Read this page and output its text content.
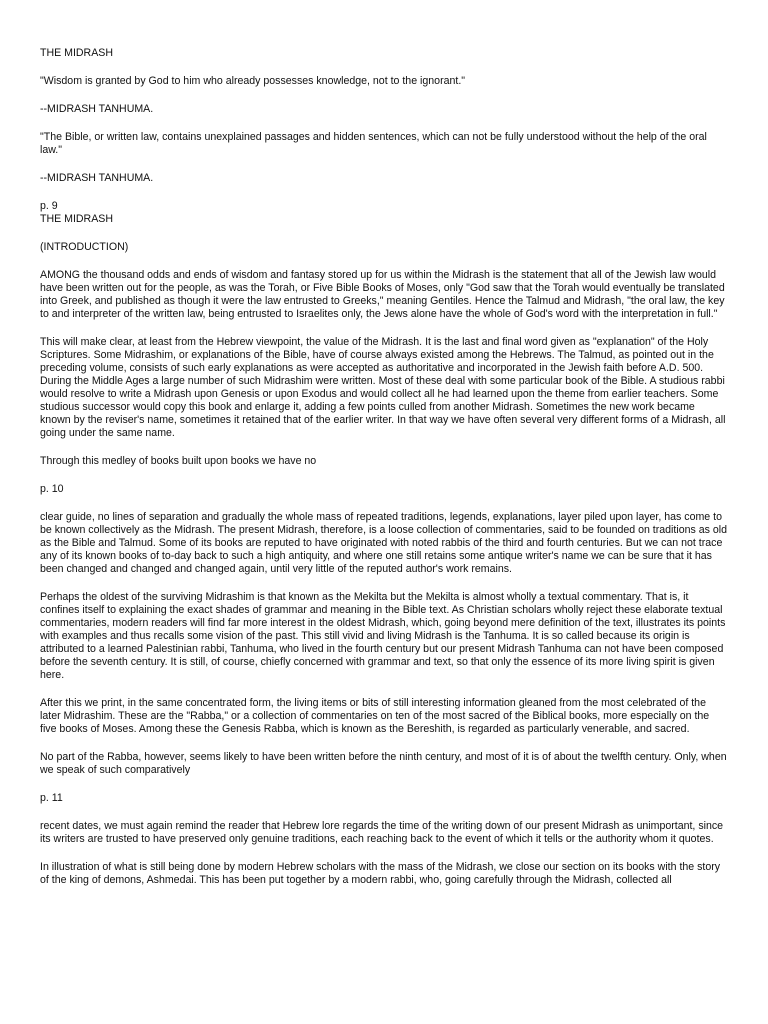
THE MIDRASH

"Wisdom is granted by God to him who already possesses knowledge, not to the ignorant."

--MIDRASH TANHUMA.

"The Bible, or written law, contains unexplained passages and hidden sentences, which can not be fully understood without the help of the oral law."

--MIDRASH TANHUMA.

p. 9

THE MIDRASH

(INTRODUCTION)

AMONG the thousand odds and ends of wisdom and fantasy stored up for us within the Midrash is the statement that all of the Jewish law would have been written out for the people, as was the Torah, or Five Bible Books of Moses, only "God saw that the Torah would eventually be translated into Greek, and published as though it were the law entrusted to Greeks," meaning Gentiles. Hence the Talmud and Midrash, "the oral law, the key to and interpreter of the written law, being entrusted to Israelites only, the Jews alone have the whole of God's word with the interpretation in full."

This will make clear, at least from the Hebrew viewpoint, the value of the Midrash. It is the last and final word given as "explanation" of the Holy Scriptures. Some Midrashim, or explanations of the Bible, have of course always existed among the Hebrews. The Talmud, as pointed out in the preceding volume, consists of such early explanations as were accepted as authoritative and incorporated in the Jewish faith before A.D. 500. During the Middle Ages a large number of such Midrashim were written. Most of these deal with some particular book of the Bible. A studious rabbi would resolve to write a Midrash upon Genesis or upon Exodus and would collect all he had learned upon the theme from earlier teachers. Some studious successor would copy this book and enlarge it, adding a few points culled from another Midrash. Sometimes the new work became known by the reviser's name, sometimes it retained that of the earlier writer. In that way we have often several very different forms of a Midrash, all going under the same name.

Through this medley of books built upon books we have no

p. 10

clear guide, no lines of separation and gradually the whole mass of repeated traditions, legends, explanations, layer piled upon layer, has come to be known collectively as the Midrash. The present Midrash, therefore, is a loose collection of commentaries, said to be founded on traditions as old as the Bible and Talmud. Some of its books are reputed to have originated with noted rabbis of the third and fourth centuries. But we can not trace any of its known books of to-day back to such a high antiquity, and where one still retains some antique writer's name we can be sure that it has been changed and changed and changed again, until very little of the reputed author's work remains.

Perhaps the oldest of the surviving Midrashim is that known as the Mekilta but the Mekilta is almost wholly a textual commentary. That is, it confines itself to explaining the exact shades of grammar and meaning in the Bible text. As Christian scholars wholly reject these elaborate textual commentaries, modern readers will find far more interest in the oldest Midrash, which, going beyond mere definition of the text, illustrates its points with examples and thus recalls some vision of the past. This still vivid and living Midrash is the Tanhuma. It is so called because its origin is attributed to a learned Palestinian rabbi, Tanhuma, who lived in the fourth century but our present Midrash Tanhuma can not have been composed before the seventh century. It is still, of course, chiefly concerned with grammar and text, so that only the essence of its more living spirit is given here.

After this we print, in the same concentrated form, the living items or bits of still interesting information gleaned from the most celebrated of the later Midrashim. These are the "Rabba," or a collection of commentaries on ten of the most sacred of the Biblical books, more especially on the five books of Moses. Among these the Genesis Rabba, which is known as the Bereshith, is regarded as particularly venerable, and sacred.

No part of the Rabba, however, seems likely to have been written before the ninth century, and most of it is of about the twelfth century. Only, when we speak of such comparatively

p. 11

recent dates, we must again remind the reader that Hebrew lore regards the time of the writing down of our present Midrash as unimportant, since its writers are trusted to have preserved only genuine traditions, each reaching back to the event of which it tells or the authority whom it quotes.

In illustration of what is still being done by modern Hebrew scholars with the mass of the Midrash, we close our section on its books with the story of the king of demons, Ashmedai. This has been put together by a modern rabbi, who, going carefully through the Midrash, collected all
